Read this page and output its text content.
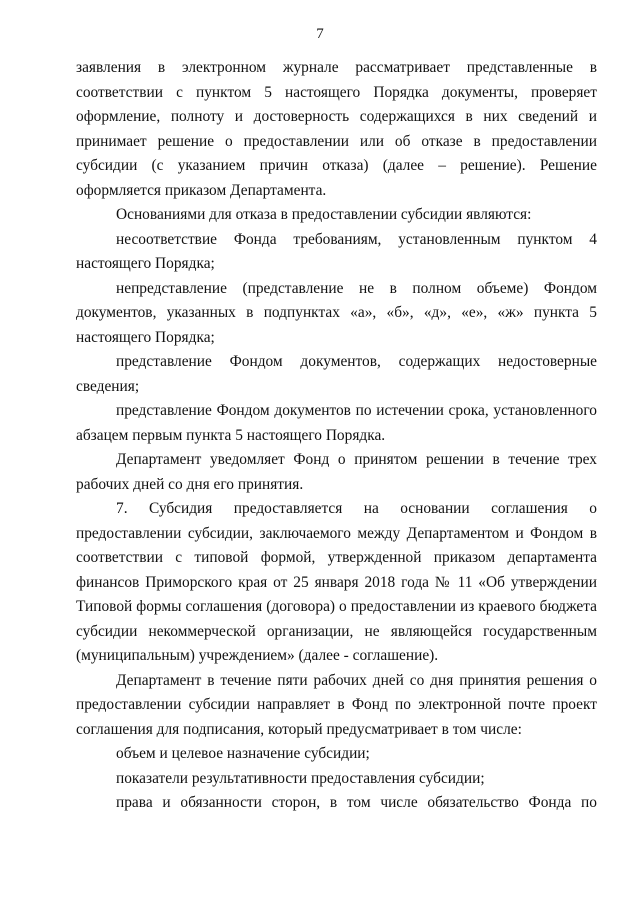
7

заявления в электронном журнале рассматривает представленные в соответствии с пунктом 5 настоящего Порядка документы, проверяет оформление, полноту и достоверность содержащихся в них сведений и принимает решение о предоставлении или об отказе в предоставлении субсидии (с указанием причин отказа) (далее – решение). Решение оформляется приказом Департамента.

Основаниями для отказа в предоставлении субсидии являются:

несоответствие Фонда требованиям, установленным пунктом 4 настоящего Порядка;

непредставление (представление не в полном объеме) Фондом документов, указанных в подпунктах «а», «б», «д», «е», «ж» пункта 5 настоящего Порядка;

представление Фондом документов, содержащих недостоверные сведения;

представление Фондом документов по истечении срока, установленного абзацем первым пункта 5 настоящего Порядка.

Департамент уведомляет Фонд о принятом решении в течение трех рабочих дней со дня его принятия.

7. Субсидия предоставляется на основании соглашения о предоставлении субсидии, заключаемого между Департаментом и Фондом в соответствии с типовой формой, утвержденной приказом департамента финансов Приморского края от 25 января 2018 года № 11 «Об утверждении Типовой формы соглашения (договора) о предоставлении из краевого бюджета субсидии некоммерческой организации, не являющейся государственным (муниципальным) учреждением» (далее - соглашение).

Департамент в течение пяти рабочих дней со дня принятия решения о предоставлении субсидии направляет в Фонд по электронной почте проект соглашения для подписания, который предусматривает в том числе:

объем и целевое назначение субсидии;

показатели результативности предоставления субсидии;

права и обязанности сторон, в том числе обязательство Фонда по
